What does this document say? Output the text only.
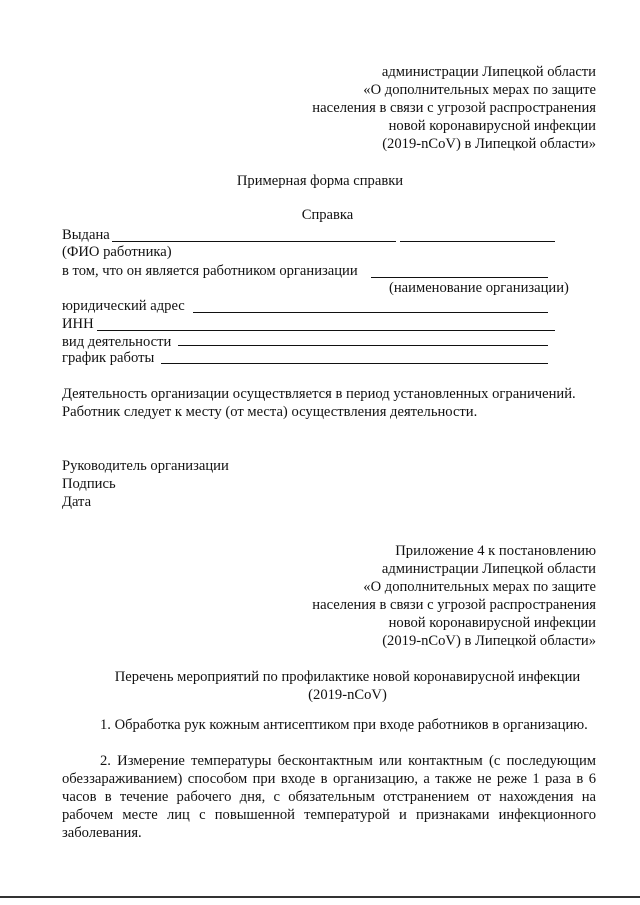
администрации Липецкой области
«О дополнительных мерах по защите
населения в связи с угрозой распространения
новой коронавирусной инфекции
(2019-nCoV) в Липецкой области»
Примерная форма справки
Справка
Выдана
(ФИО работника)
в том, что он является работником организации
(наименование организации)
юридический адрес
ИНН
вид деятельности
график работы
Деятельность организации осуществляется в период установленных ограничений.
Работник следует к месту (от места) осуществления деятельности.
Руководитель организации
Подпись
Дата
Приложение 4 к постановлению
администрации Липецкой области
«О дополнительных мерах по защите
населения в связи с угрозой распространения
новой коронавирусной инфекции
(2019-nCoV) в Липецкой области»
Перечень мероприятий по профилактике новой коронавирусной инфекции
(2019-nCoV)
1. Обработка рук кожным антисептиком при входе работников в организацию.
2. Измерение температуры бесконтактным или контактным (с последующим обеззараживанием) способом при входе в организацию, а также не реже 1 раза в 6 часов в течение рабочего дня, с обязательным отстранением от нахождения на рабочем месте лиц с повышенной температурой и признаками инфекционного заболевания.
